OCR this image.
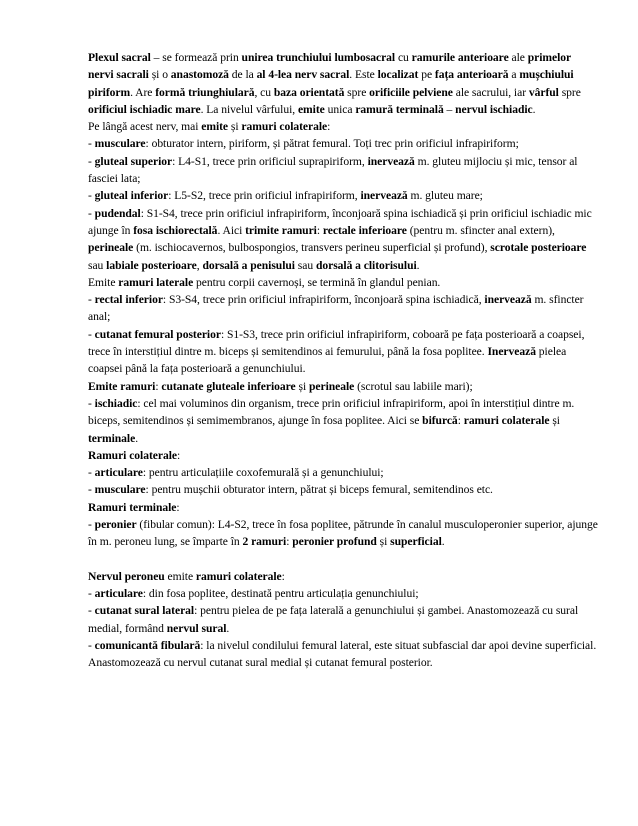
Plexul sacral – se formează prin unirea trunchiului lumbosacral cu ramurile anterioare ale primelor nervi sacrali și o anastomoză de la al 4-lea nerv sacral. Este localizat pe fața anterioară a mușchiului piriform. Are formă triunghiulară, cu baza orientată spre orificiile pelviene ale sacrului, iar vârful spre orificiul ischiadic mare. La nivelul vârfului, emite unica ramură terminală – nervul ischiadic.

Pe lângă acest nerv, mai emite și ramuri colaterale:

- musculare: obturator intern, piriform, și pătrat femural. Toți trec prin orificiul infrapiriform;

- gluteal superior: L4-S1, trece prin orificiul suprapiriform, inervează m. gluteu mijlociu și mic, tensor al fasciei lata;

- gluteal inferior: L5-S2, trece prin orificiul infrapiriform, inervează m. gluteu mare;

- pudendal: S1-S4, trece prin orificiul infrapiriform, înconjoară spina ischiadică și prin orificiul ischiadic mic ajunge în fosa ischiorectală. Aici trimite ramuri: rectale inferioare (pentru m. sfincter anal extern), perineale (m. ischiocavernos, bulbospongios, transvers perineu superficial și profund), scrotale posterioare sau labiale posterioare, dorsală a penisului sau dorsală a clitorisului.

Emite ramuri laterale pentru corpii cavernoși, se termină în glandul penian.

- rectal inferior: S3-S4, trece prin orificiul infrapiriform, înconjoară spina ischiadică, inervează m. sfincter anal;

- cutanat femural posterior: S1-S3, trece prin orificiul infrapiriform, coboară pe fața posterioară a coapsei, trece în interstițiul dintre m. biceps și semitendinos ai femurului, până la fosa poplitee. Inervează pielea coapsei până la fața posterioară a genunchiului.

Emite ramuri: cutanate gluteale inferioare și perineale (scrotul sau labiile mari);

- ischiadic: cel mai voluminos din organism, trece prin orificiul infrapiriform, apoi în interstițiul dintre m. biceps, semitendinos și semimembranos, ajunge în fosa poplitee. Aici se bifurcă: ramuri colaterale și terminale.

Ramuri colaterale:

- articulare: pentru articulațiile coxofemurală și a genunchiului;

- musculare: pentru mușchii obturator intern, pătrat și biceps femural, semitendinos etc.

Ramuri terminale:

- peronier (fibular comun): L4-S2, trece în fosa poplitee, pătrunde în canalul musculoperonier superior, ajunge în m. peroneu lung, se împarte în 2 ramuri: peronier profund și superficial.

Nervul peroneu emite ramuri colaterale:

- articulare: din fosa poplitee, destinată pentru articulația genunchiului;

- cutanat sural lateral: pentru pielea de pe fața laterală a genunchiului și gambei. Anastomozează cu sural medial, formând nervul sural.

- comunicantă fibulară: la nivelul condilului femural lateral, este situat subfascial dar apoi devine superficial. Anastomozează cu nervul cutanat sural medial și cutanat femural posterior.
